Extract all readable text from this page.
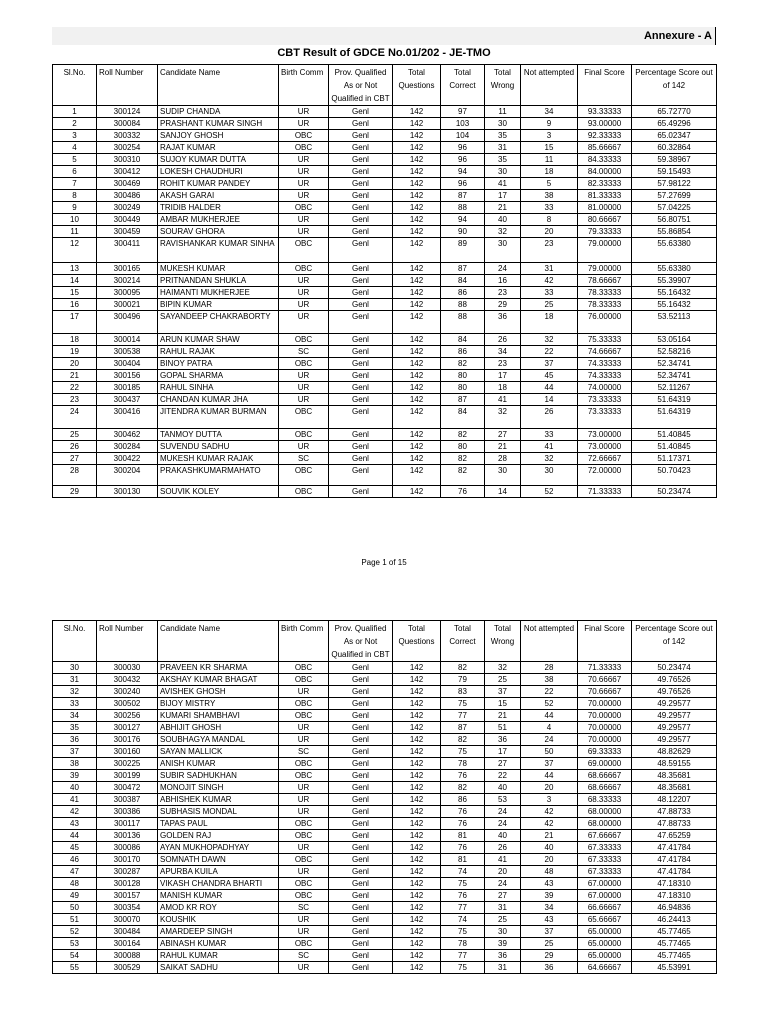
Annexure - A
CBT Result of GDCE No.01/202 - JE-TMO
Sl.No.	Roll Number	Candidate Name	Birth Comm	Prov. Qualified As or Not Qualified in CBT	Total Questions	Total Correct	Total Wrong	Not attempted	Final Score	Percentage Score out of 142
1	300124	SUDIP CHANDA	UR	Genl	142	97	11	34	93.33333	65.72770
2	300084	PRASHANT KUMAR SINGH	UR	Genl	142	103	30	9	93.00000	65.49296
3	300332	SANJOY GHOSH	OBC	Genl	142	104	35	3	92.33333	65.02347
4	300254	RAJAT KUMAR	OBC	Genl	142	96	31	15	85.66667	60.32864
5	300310	SUJOY KUMAR DUTTA	UR	Genl	142	96	35	11	84.33333	59.38967
6	300412	LOKESH CHAUDHURI	UR	Genl	142	94	30	18	84.00000	59.15493
7	300469	ROHIT KUMAR PANDEY	UR	Genl	142	96	41	5	82.33333	57.98122
8	300486	AKASH GARAI	UR	Genl	142	87	17	38	81.33333	57.27699
9	300249	TRIDIB HALDER	OBC	Genl	142	88	21	33	81.00000	57.04225
10	300449	AMBAR MUKHERJEE	UR	Genl	142	94	40	8	80.66667	56.80751
11	300459	SOURAV GHORA	UR	Genl	142	90	32	20	79.33333	55.86854
12	300411	RAVISHANKAR KUMAR SINHA	OBC	Genl	142	89	30	23	79.00000	55.63380
13	300165	MUKESH KUMAR	OBC	Genl	142	87	24	31	79.00000	55.63380
14	300214	PRITNANDAN SHUKLA	UR	Genl	142	84	16	42	78.66667	55.39907
15	300095	HAIMANTI MUKHERJEE	UR	Genl	142	86	23	33	78.33333	55.16432
16	300021	BIPIN KUMAR	UR	Genl	142	88	29	25	78.33333	55.16432
17	300496	SAYANDEEP CHAKRABORTY	UR	Genl	142	88	36	18	76.00000	53.52113
18	300014	ARUN KUMAR SHAW	OBC	Genl	142	84	26	32	75.33333	53.05164
19	300538	RAHUL RAJAK	SC	Genl	142	86	34	22	74.66667	52.58216
20	300404	BINOY PATRA	OBC	Genl	142	82	23	37	74.33333	52.34741
21	300156	GOPAL SHARMA	UR	Genl	142	80	17	45	74.33333	52.34741
22	300185	RAHUL SINHA	UR	Genl	142	80	18	44	74.00000	52.11267
23	300437	CHANDAN KUMAR JHA	UR	Genl	142	87	41	14	73.33333	51.64319
24	300416	JITENDRA KUMAR BURMAN	OBC	Genl	142	84	32	26	73.33333	51.64319
25	300462	TANMOY DUTTA	OBC	Genl	142	82	27	33	73.00000	51.40845
26	300284	SUVENDU SADHU	UR	Genl	142	80	21	41	73.00000	51.40845
27	300422	MUKESH KUMAR RAJAK	SC	Genl	142	82	28	32	72.66667	51.17371
28	300204	PRAKASHKUMARMAHATO	OBC	Genl	142	82	30	30	72.00000	50.70423
29	300130	SOUVIK KOLEY	OBC	Genl	142	76	14	52	71.33333	50.23474
Page 1 of 15
Sl.No.	Roll Number	Candidate Name	Birth Comm	Prov. Qualified As or Not Qualified in CBT	Total Questions	Total Correct	Total Wrong	Not attempted	Final Score	Percentage Score out of 142
30	300030	PRAVEEN KR SHARMA	OBC	Genl	142	82	32	28	71.33333	50.23474
31	300432	AKSHAY KUMAR BHAGAT	OBC	Genl	142	79	25	38	70.66667	49.76526
32	300240	AVISHEK GHOSH	UR	Genl	142	83	37	22	70.66667	49.76526
33	300502	BIJOY MISTRY	OBC	Genl	142	75	15	52	70.00000	49.29577
34	300256	KUMARI SHAMBHAVI	OBC	Genl	142	77	21	44	70.00000	49.29577
35	300127	ABHIJIT GHOSH	UR	Genl	142	87	51	4	70.00000	49.29577
36	300176	SOUBHAGYA MANDAL	UR	Genl	142	82	36	24	70.00000	49.29577
37	300160	SAYAN MALLICK	SC	Genl	142	75	17	50	69.33333	48.82629
38	300225	ANISH KUMAR	OBC	Genl	142	78	27	37	69.00000	48.59155
39	300199	SUBIR SADHUKHAN	OBC	Genl	142	76	22	44	68.66667	48.35681
40	300472	MONOJIT SINGH	UR	Genl	142	82	40	20	68.66667	48.35681
41	300387	ABHISHEK KUMAR	UR	Genl	142	86	53	3	68.33333	48.12207
42	300386	SUBHASIS MONDAL	UR	Genl	142	76	24	42	68.00000	47.88733
43	300117	TAPAS PAUL	OBC	Genl	142	76	24	42	68.00000	47.88733
44	300136	GOLDEN RAJ	OBC	Genl	142	81	40	21	67.66667	47.65259
45	300086	AYAN MUKHOPADHYAY	UR	Genl	142	76	26	40	67.33333	47.41784
46	300170	SOMNATH DAWN	OBC	Genl	142	81	41	20	67.33333	47.41784
47	300287	APURBA KUILA	UR	Genl	142	74	20	48	67.33333	47.41784
48	300128	VIKASH CHANDRA BHARTI	OBC	Genl	142	75	24	43	67.00000	47.18310
49	300157	MANISH KUMAR	OBC	Genl	142	76	27	39	67.00000	47.18310
50	300354	AMOD KR ROY	SC	Genl	142	77	31	34	66.66667	46.94836
51	300070	KOUSHIK	UR	Genl	142	74	25	43	65.66667	46.24413
52	300484	AMARDEEP SINGH	UR	Genl	142	75	30	37	65.00000	45.77465
53	300164	ABINASH KUMAR	OBC	Genl	142	78	39	25	65.00000	45.77465
54	300088	RAHUL KUMAR	SC	Genl	142	77	36	29	65.00000	45.77465
55	300529	SAIKAT SADHU	UR	Genl	142	75	31	36	64.66667	45.53991
